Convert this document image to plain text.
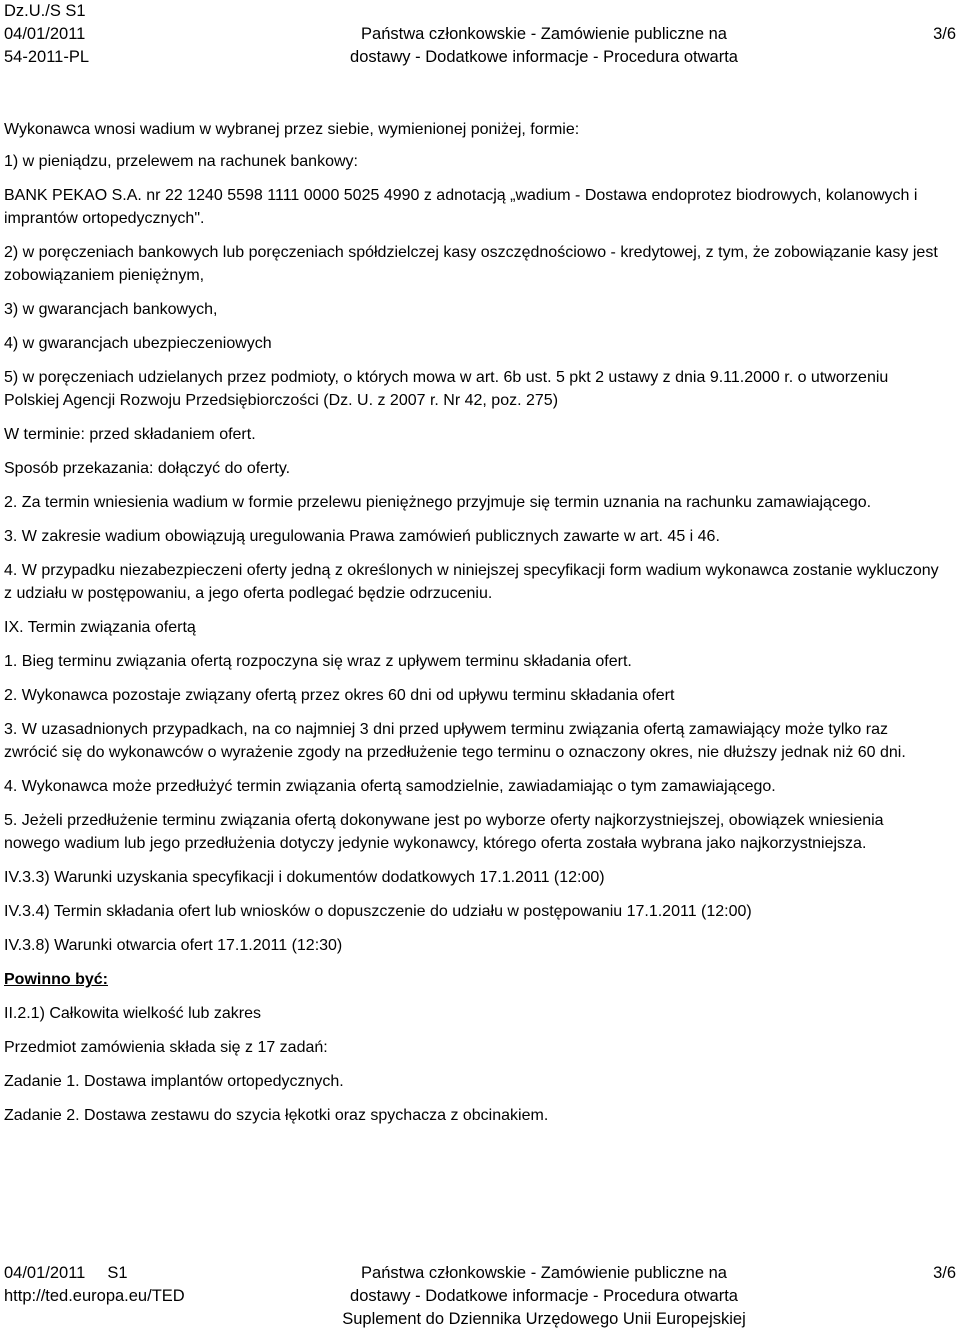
Dz.U./S S1
04/01/2011
54-2011-PL
Państwa członkowskie - Zamówienie publiczne na
dostawy - Dodatkowe informacje - Procedura otwarta
3/6

Wykonawca wnosi wadium w wybranej przez siebie, wymienionej poniżej, formie:

1) w pieniądzu, przelewem na rachunek bankowy:

BANK PEKAO S.A. nr 22 1240 5598 1111 0000 5025 4990 z adnotacją „wadium - Dostawa endoprotez biodrowych, kolanowych i imprantów ortopedycznych".

2) w poręczeniach bankowych lub poręczeniach spółdzielczej kasy oszczędnościowo - kredytowej, z tym, że zobowiązanie kasy jest zobowiązaniem pieniężnym,

3) w gwarancjach bankowych,

4) w gwarancjach ubezpieczeniowych

5) w poręczeniach udzielanych przez podmioty, o których mowa w art. 6b ust. 5 pkt 2 ustawy z dnia 9.11.2000 r. o utworzeniu Polskiej Agencji Rozwoju Przedsiębiorczości (Dz. U. z 2007 r. Nr 42, poz. 275)

W terminie: przed składaniem ofert.

Sposób przekazania: dołączyć do oferty.

2. Za termin wniesienia wadium w formie przelewu pieniężnego przyjmuje się termin uznania na rachunku zamawiającego.

3. W zakresie wadium obowiązują uregulowania Prawa zamówień publicznych zawarte w art. 45 i 46.

4. W przypadku niezabezpieczeni oferty jedną z określonych w niniejszej specyfikacji form wadium wykonawca zostanie wykluczony z udziału w postępowaniu, a jego oferta podlegać będzie odrzuceniu.

IX. Termin związania ofertą

1. Bieg terminu związania ofertą rozpoczyna się wraz z upływem terminu składania ofert.

2. Wykonawca pozostaje związany ofertą przez okres 60 dni od upływu terminu składania ofert

3. W uzasadnionych przypadkach, na co najmniej 3 dni przed upływem terminu związania ofertą zamawiający może tylko raz zwrócić się do wykonawców o wyrażenie zgody na przedłużenie tego terminu o oznaczony okres, nie dłuższy jednak niż 60 dni.

4. Wykonawca może przedłużyć termin związania ofertą samodzielnie, zawiadamiając o tym zamawiającego.

5. Jeżeli przedłużenie terminu związania ofertą dokonywane jest po wyborze oferty najkorzystniejszej, obowiązek wniesienia nowego wadium lub jego przedłużenia dotyczy jedynie wykonawcy, którego oferta została wybrana jako najkorzystniejsza.

IV.3.3) Warunki uzyskania specyfikacji i dokumentów dodatkowych 17.1.2011 (12:00)

IV.3.4) Termin składania ofert lub wniosków o dopuszczenie do udziału w postępowaniu 17.1.2011 (12:00)

IV.3.8) Warunki otwarcia ofert 17.1.2011 (12:30)

Powinno być:

II.2.1) Całkowita wielkość lub zakres

Przedmiot zamówienia składa się z 17 zadań:

Zadanie 1. Dostawa implantów ortopedycznych.

Zadanie 2. Dostawa zestawu do szycia łękotki oraz spychacza z obcinakiem.

04/01/2011 S1
http://ted.europa.eu/TED
Państwa członkowskie - Zamówienie publiczne na
dostawy - Dodatkowe informacje - Procedura otwarta
Suplement do Dziennika Urzędowego Unii Europejskiej
3/6
